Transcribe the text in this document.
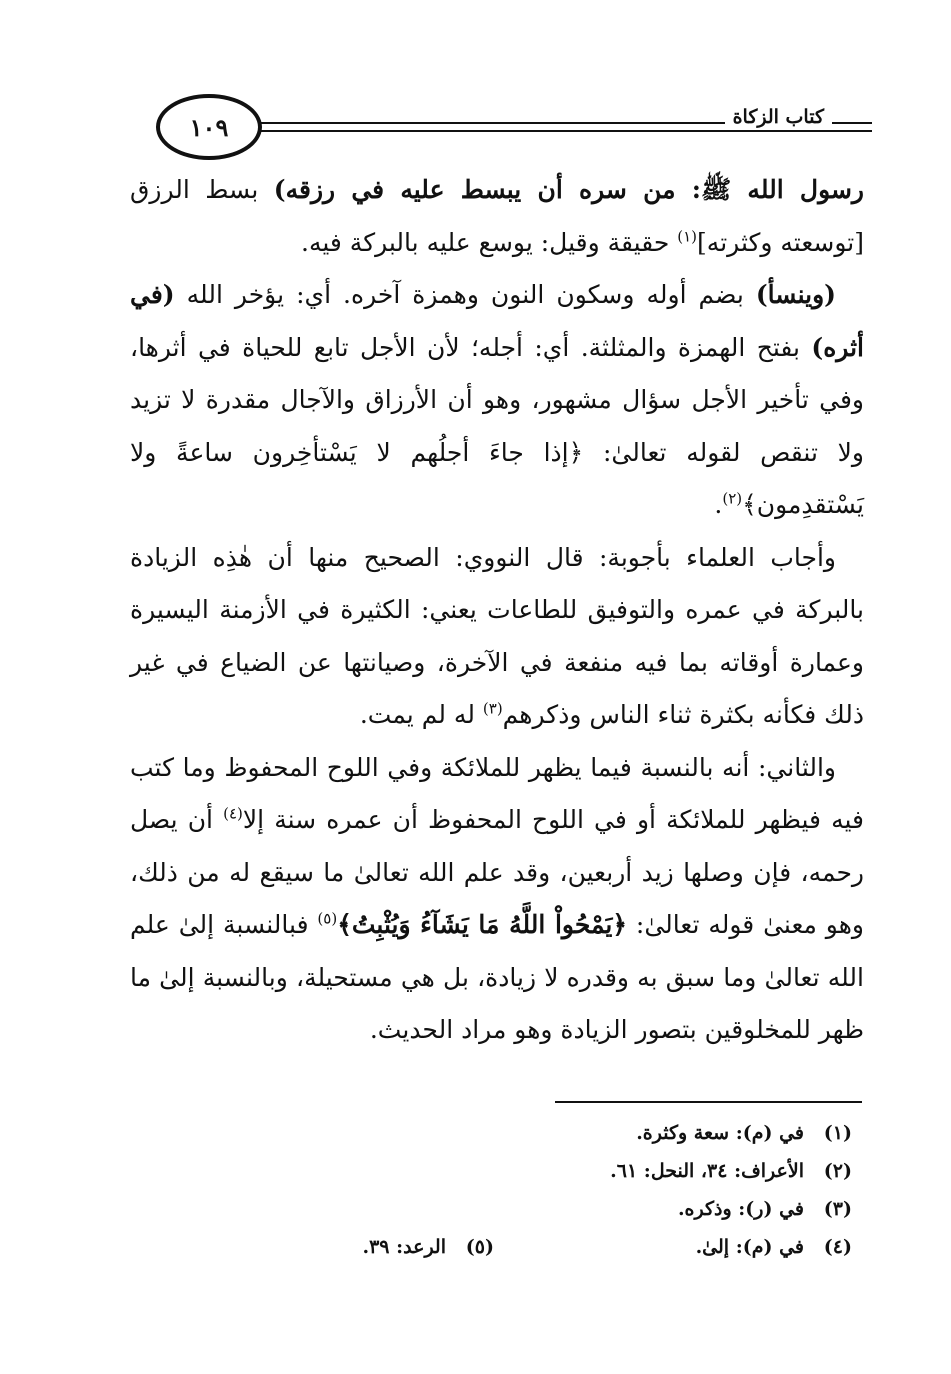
كتاب الزكاة
١٠٩

رسول الله ﷺ: من سره أن يبسط عليه في رزقه) بسط الرزق [توسعته وكثرته]$^{(١)}$ حقيقة وقيل: يوسع عليه بالبركة فيه.

(وينسأ) بضم أوله وسكون النون وهمزة آخره. أي: يؤخر الله (في أثره) بفتح الهمزة والمثلثة. أي: أجله؛ لأن الأجل تابع للحياة في أثرها، وفي تأخير الأجل سؤال مشهور، وهو أن الأرزاق والآجال مقدرة لا تزيد ولا تنقص لقوله تعالىٰ: ﴿إذا جاءَ أجلُهم لا يَسْتأخِرون ساعةً ولا يَسْتقدِمون﴾$^{(٢)}$.

وأجاب العلماء بأجوبة: قال النووي: الصحيح منها أن هٰذِه الزيادة بالبركة في عمره والتوفيق للطاعات يعني: الكثيرة في الأزمنة اليسيرة وعمارة أوقاته بما فيه منفعة في الآخرة، وصيانتها عن الضياع في غير ذلك فكأنه بكثرة ثناء الناس وذكرهم$^{(٣)}$ له لم يمت.

والثاني: أنه بالنسبة فيما يظهر للملائكة وفي اللوح المحفوظ وما كتب فيه فيظهر للملائكة أو في اللوح المحفوظ أن عمره سنة إلا$^{(٤)}$ أن يصل رحمه، فإن وصلها زيد أربعين، وقد علم الله تعالىٰ ما سيقع له من ذلك، وهو معنىٰ قوله تعالىٰ: ﴿يَمْحُواْ اللَّهُ مَا يَشَآءُ وَيُثْبِتُ﴾$^{(٥)}$ فبالنسبة إلىٰ علم الله تعالىٰ وما سبق به وقدره لا زيادة، بل هي مستحيلة، وبالنسبة إلىٰ ما ظهر للمخلوقين بتصور الزيادة وهو مراد الحديث.

(١)
في (م): سعة وكثرة.
(٢)
الأعراف: ٣٤، النحل: ٦١.
(٣)
في (ر): وذكره.
(٤)
في (م): إلىٰ.
(٥)
الرعد: ٣٩.
